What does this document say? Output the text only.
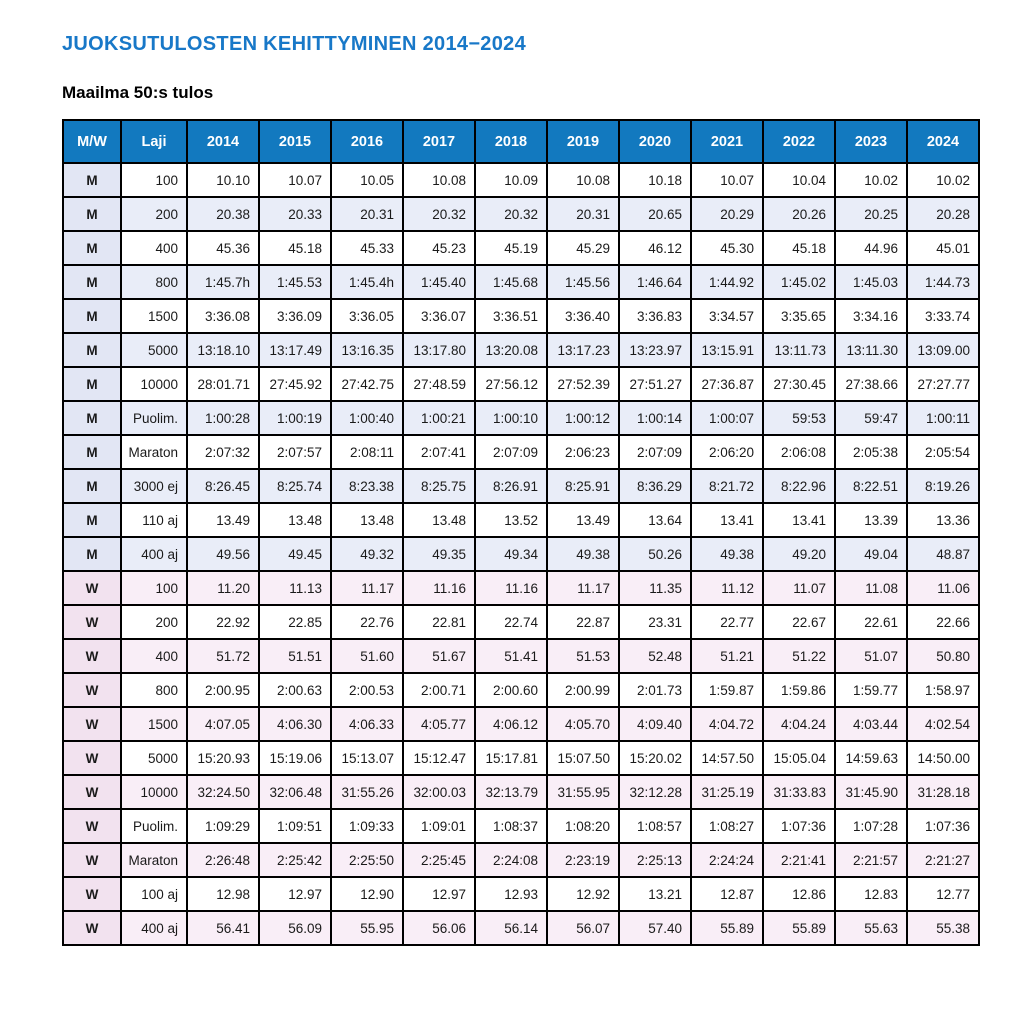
JUOKSUTULOSTEN KEHITTYMINEN 2014−2024
Maailma 50:s tulos
M/W	Laji	2014	2015	2016	2017	2018	2019	2020	2021	2022	2023	2024
M	100	10.10	10.07	10.05	10.08	10.09	10.08	10.18	10.07	10.04	10.02	10.02
M	200	20.38	20.33	20.31	20.32	20.32	20.31	20.65	20.29	20.26	20.25	20.28
M	400	45.36	45.18	45.33	45.23	45.19	45.29	46.12	45.30	45.18	44.96	45.01
M	800	1:45.7h	1:45.53	1:45.4h	1:45.40	1:45.68	1:45.56	1:46.64	1:44.92	1:45.02	1:45.03	1:44.73
M	1500	3:36.08	3:36.09	3:36.05	3:36.07	3:36.51	3:36.40	3:36.83	3:34.57	3:35.65	3:34.16	3:33.74
M	5000	13:18.10	13:17.49	13:16.35	13:17.80	13:20.08	13:17.23	13:23.97	13:15.91	13:11.73	13:11.30	13:09.00
M	10000	28:01.71	27:45.92	27:42.75	27:48.59	27:56.12	27:52.39	27:51.27	27:36.87	27:30.45	27:38.66	27:27.77
M	Puolim.	1:00:28	1:00:19	1:00:40	1:00:21	1:00:10	1:00:12	1:00:14	1:00:07	59:53	59:47	1:00:11
M	Maraton	2:07:32	2:07:57	2:08:11	2:07:41	2:07:09	2:06:23	2:07:09	2:06:20	2:06:08	2:05:38	2:05:54
M	3000 ej	8:26.45	8:25.74	8:23.38	8:25.75	8:26.91	8:25.91	8:36.29	8:21.72	8:22.96	8:22.51	8:19.26
M	110 aj	13.49	13.48	13.48	13.48	13.52	13.49	13.64	13.41	13.41	13.39	13.36
M	400 aj	49.56	49.45	49.32	49.35	49.34	49.38	50.26	49.38	49.20	49.04	48.87
W	100	11.20	11.13	11.17	11.16	11.16	11.17	11.35	11.12	11.07	11.08	11.06
W	200	22.92	22.85	22.76	22.81	22.74	22.87	23.31	22.77	22.67	22.61	22.66
W	400	51.72	51.51	51.60	51.67	51.41	51.53	52.48	51.21	51.22	51.07	50.80
W	800	2:00.95	2:00.63	2:00.53	2:00.71	2:00.60	2:00.99	2:01.73	1:59.87	1:59.86	1:59.77	1:58.97
W	1500	4:07.05	4:06.30	4:06.33	4:05.77	4:06.12	4:05.70	4:09.40	4:04.72	4:04.24	4:03.44	4:02.54
W	5000	15:20.93	15:19.06	15:13.07	15:12.47	15:17.81	15:07.50	15:20.02	14:57.50	15:05.04	14:59.63	14:50.00
W	10000	32:24.50	32:06.48	31:55.26	32:00.03	32:13.79	31:55.95	32:12.28	31:25.19	31:33.83	31:45.90	31:28.18
W	Puolim.	1:09:29	1:09:51	1:09:33	1:09:01	1:08:37	1:08:20	1:08:57	1:08:27	1:07:36	1:07:28	1:07:36
W	Maraton	2:26:48	2:25:42	2:25:50	2:25:45	2:24:08	2:23:19	2:25:13	2:24:24	2:21:41	2:21:57	2:21:27
W	100 aj	12.98	12.97	12.90	12.97	12.93	12.92	13.21	12.87	12.86	12.83	12.77
W	400 aj	56.41	56.09	55.95	56.06	56.14	56.07	57.40	55.89	55.89	55.63	55.38
